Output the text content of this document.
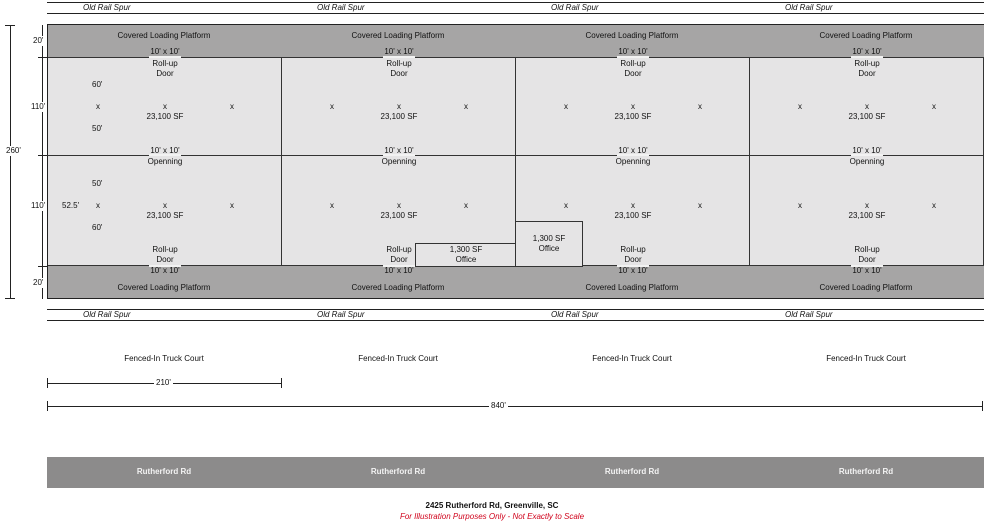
Old Rail Spur	Old Rail Spur	Old Rail Spur	Old Rail Spur
Covered Loading Platform	Covered Loading Platform	Covered Loading Platform	Covered Loading Platform
10' x 10'	10' x 10'	10' x 10'	10' x 10'
Roll-up
Door
Roll-up
Door
Roll-up
Door
Roll-up
Door
x	x	x	x	x	x	x	x	x	x	x	x
23,100 SF	23,100 SF	23,100 SF	23,100 SF
60'
50'
10' x 10'	10' x 10'	10' x 10'	10' x 10'
Openning	Openning	Openning	Openning
50'
52.5'
60'
x	x	x	x	x	x	x	x	x	x	x	x
23,100 SF	23,100 SF	23,100 SF	23,100 SF
1,300 SF
Office
1,300 SF
Office
Roll-up
Door
Roll-up
Door
Roll-up
Door
Roll-up
Door
10' x 10'	10' x 10'	10' x 10'	10' x 10'
Covered Loading Platform	Covered Loading Platform	Covered Loading Platform	Covered Loading Platform
260'
20'
110'
110'
20'
Old Rail Spur	Old Rail Spur	Old Rail Spur	Old Rail Spur
Fenced-In Truck Court	Fenced-In Truck Court	Fenced-In Truck Court	Fenced-In Truck Court
210'
840'
Rutherford Rd	Rutherford Rd	Rutherford Rd	Rutherford Rd
2425 Rutherford Rd, Greenville, SC
For Illustration Purposes Only - Not Exactly to Scale
